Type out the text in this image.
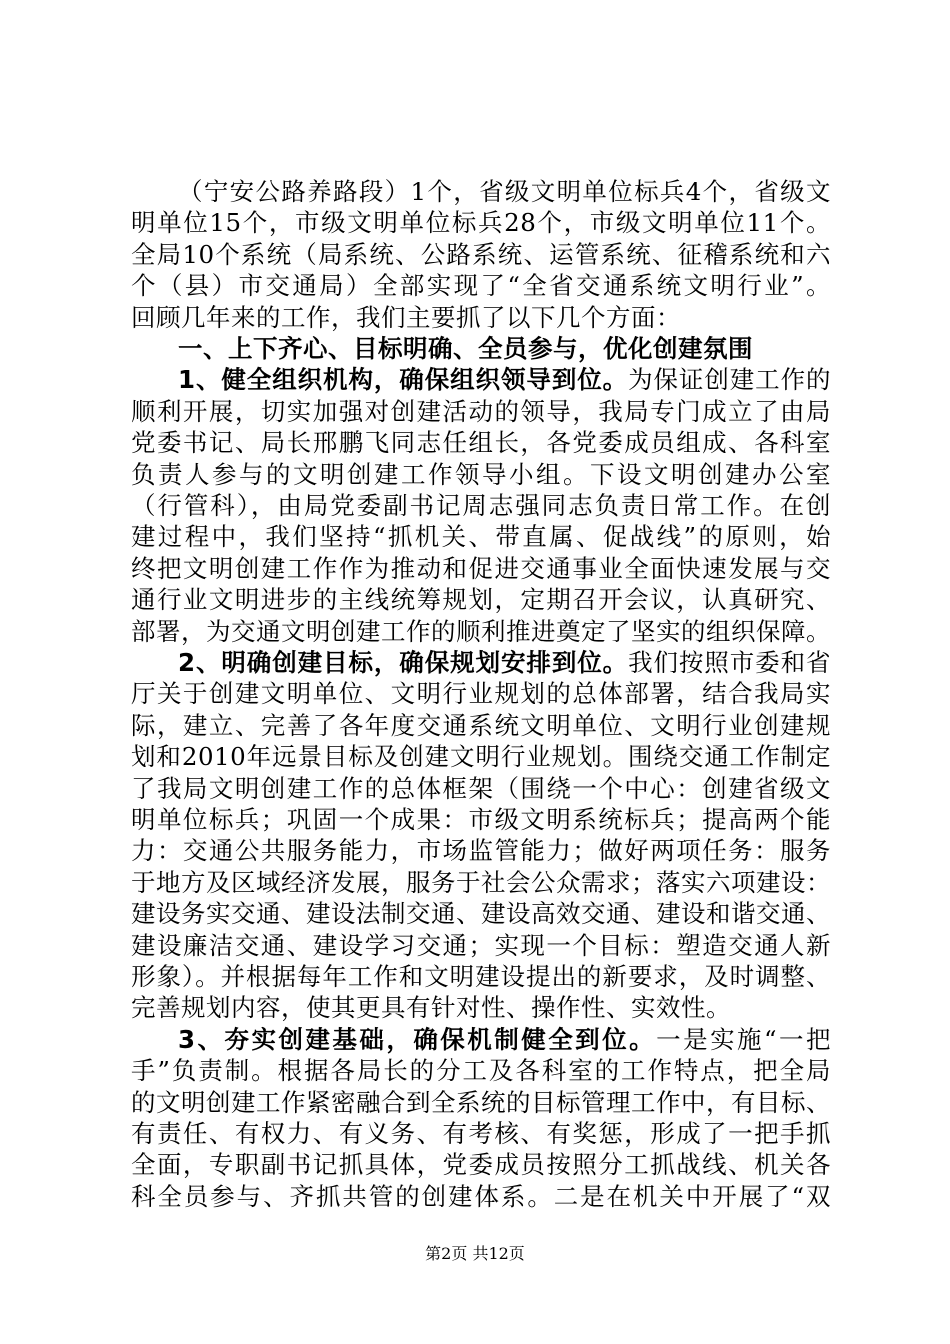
（宁安公路养路段）1个，省级文明单位标兵4个，省级文
明单位15个，市级文明单位标兵28个，市级文明单位11个。
全局10个系统（局系统、公路系统、运管系统、征稽系统和六
个（县）市交通局）全部实现了“全省交通系统文明行业”。
回顾几年来的工作，我们主要抓了以下几个方面：
一、上下齐心、目标明确、全员参与，优化创建氛围
1、健全组织机构，确保组织领导到位。为保证创建工作的
顺利开展，切实加强对创建活动的领导，我局专门成立了由局
党委书记、局长邢鹏飞同志任组长，各党委成员组成、各科室
负责人参与的文明创建工作领导小组。下设文明创建办公室
（行管科），由局党委副书记周志强同志负责日常工作。在创
建过程中，我们坚持“抓机关、带直属、促战线”的原则，始
终把文明创建工作作为推动和促进交通事业全面快速发展与交
通行业文明进步的主线统筹规划，定期召开会议，认真研究、
部署，为交通文明创建工作的顺利推进奠定了坚实的组织保障。
2、明确创建目标，确保规划安排到位。我们按照市委和省
厅关于创建文明单位、文明行业规划的总体部署，结合我局实
际，建立、完善了各年度交通系统文明单位、文明行业创建规
划和2010年远景目标及创建文明行业规划。围绕交通工作制定
了我局文明创建工作的总体框架（围绕一个中心：创建省级文
明单位标兵；巩固一个成果：市级文明系统标兵；提高两个能
力：交通公共服务能力，市场监管能力；做好两项任务：服务
于地方及区域经济发展，服务于社会公众需求；落实六项建设：
建设务实交通、建设法制交通、建设高效交通、建设和谐交通、
建设廉洁交通、建设学习交通；实现一个目标：塑造交通人新
形象）。并根据每年工作和文明建设提出的新要求，及时调整、
完善规划内容，使其更具有针对性、操作性、实效性。
3、夯实创建基础，确保机制健全到位。一是实施“一把
手”负责制。根据各局长的分工及各科室的工作特点，把全局
的文明创建工作紧密融合到全系统的目标管理工作中，有目标、
有责任、有权力、有义务、有考核、有奖惩，形成了一把手抓
全面，专职副书记抓具体，党委成员按照分工抓战线、机关各
科全员参与、齐抓共管的创建体系。二是在机关中开展了“双
第2页 共12页
